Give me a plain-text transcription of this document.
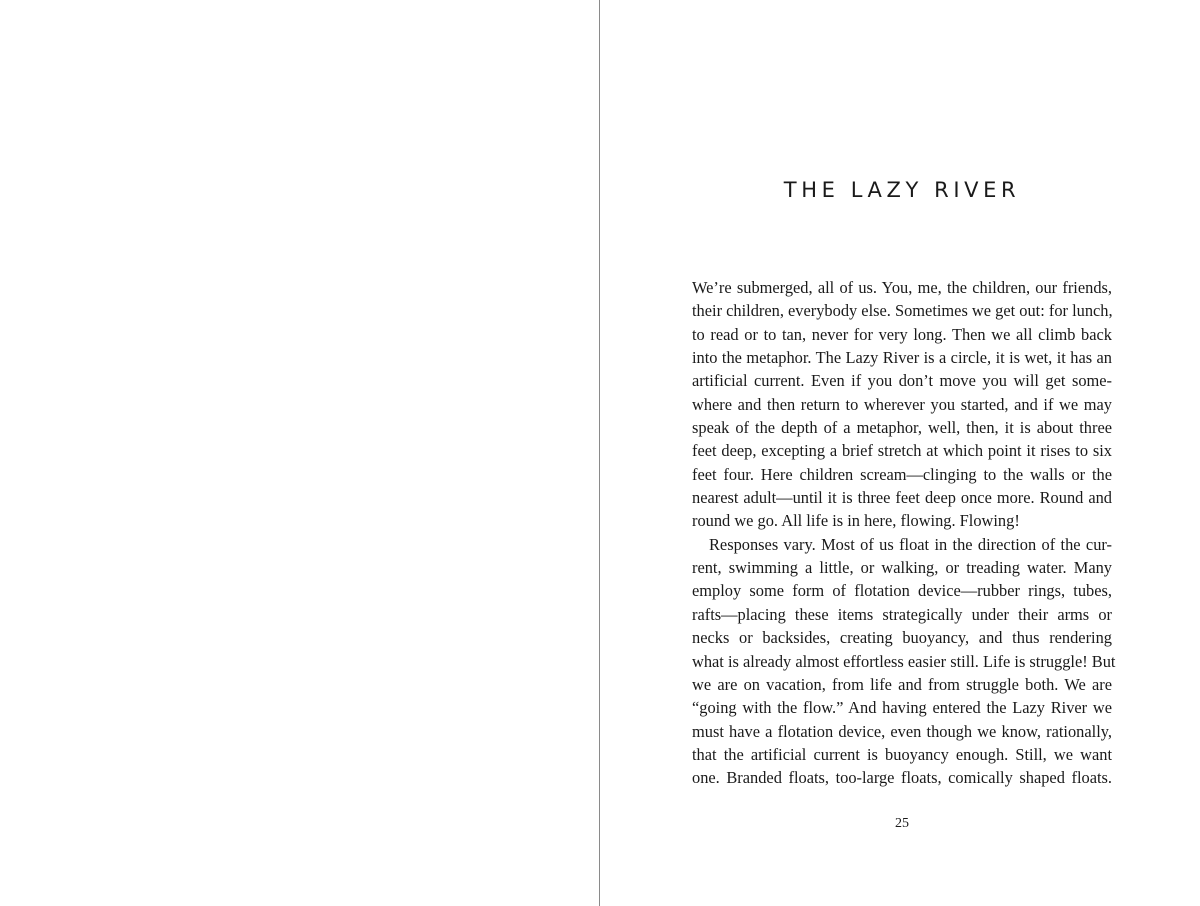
THE LAZY RIVER
We’re submerged, all of us. You, me, the children, our friends,
their children, everybody else. Sometimes we get out: for lunch,
to read or to tan, never for very long. Then we all climb back
into the metaphor. The Lazy River is a circle, it is wet, it has an
artificial current. Even if you don’t move you will get some-
where and then return to wherever you started, and if we may
speak of the depth of a metaphor, well, then, it is about three
feet deep, excepting a brief stretch at which point it rises to six
feet four. Here children scream—clinging to the walls or the
nearest adult—until it is three feet deep once more. Round and
round we go. All life is in here, flowing. Flowing!
Responses vary. Most of us float in the direction of the cur-
rent, swimming a little, or walking, or treading water. Many
employ some form of flotation device—rubber rings, tubes,
rafts—placing these items strategically under their arms or
necks or backsides, creating buoyancy, and thus rendering
what is already almost effortless easier still. Life is struggle! But
we are on vacation, from life and from struggle both. We are
“going with the flow.” And having entered the Lazy River we
must have a flotation device, even though we know, rationally,
that the artificial current is buoyancy enough. Still, we want
one. Branded floats, too-large floats, comically shaped floats.
25
